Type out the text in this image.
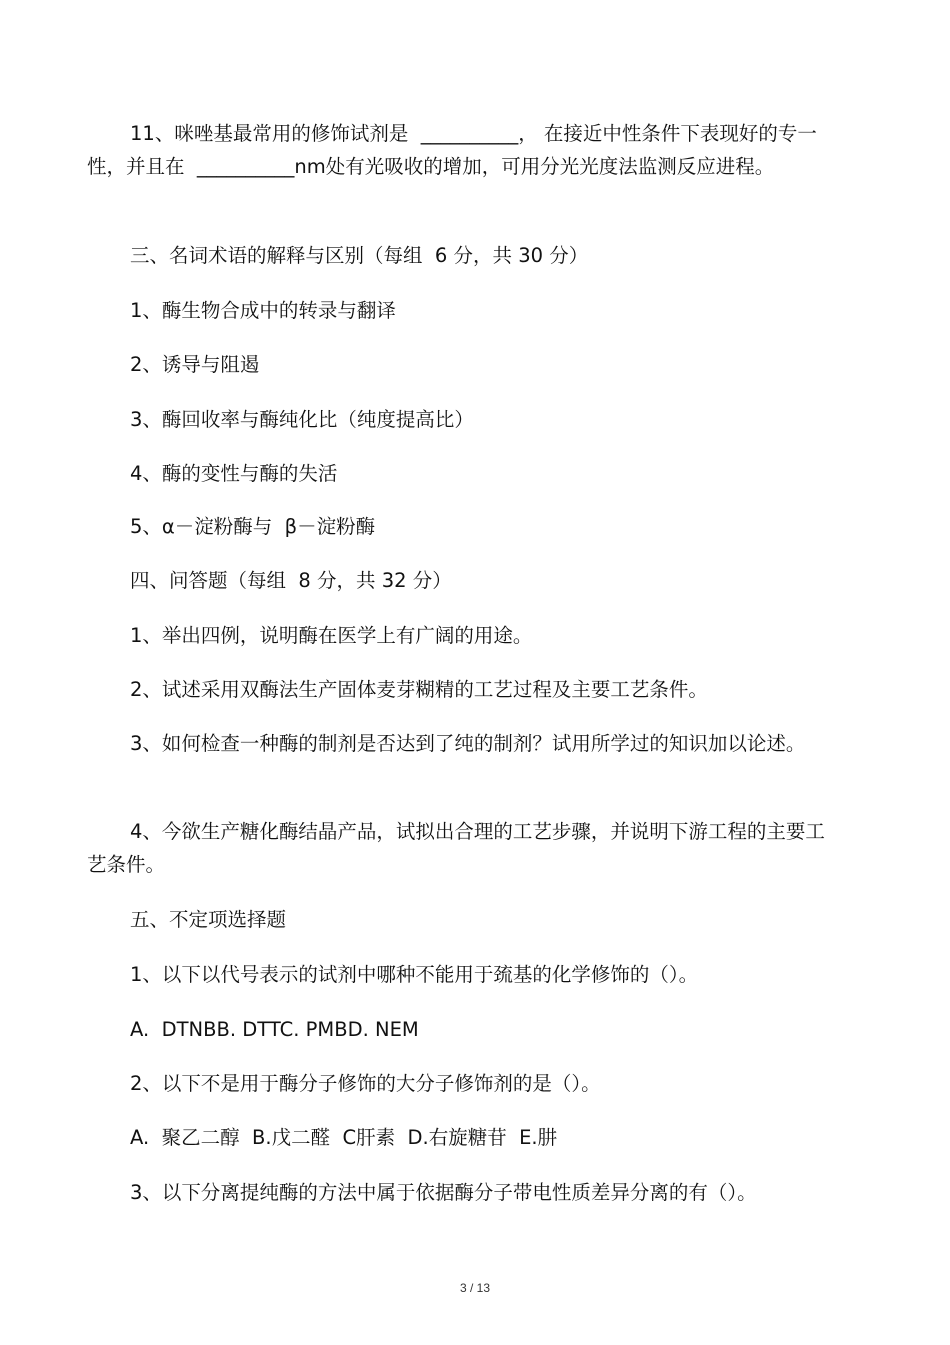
11、咪唑基最常用的修饰试剂是  __________， 在接近中性条件下表现好的专一性，并且在  __________nm处有光吸收的增加，可用分光光度法监测反应进程。

三、名词术语的解释与区别（每组  6 分，共 30 分）

1、酶生物合成中的转录与翻译

2、诱导与阻遏

3、酶回收率与酶纯化比（纯度提高比）

4、酶的变性与酶的失活

5、α－淀粉酶与  β－淀粉酶

四、问答题（每组  8 分，共 32 分）

1、举出四例，说明酶在医学上有广阔的用途。

2、试述采用双酶法生产固体麦芽糊精的工艺过程及主要工艺条件。

3、如何检查一种酶的制剂是否达到了纯的制剂？试用所学过的知识加以论述。

4、今欲生产糖化酶结晶产品，试拟出合理的工艺步骤，并说明下游工程的主要工艺条件。

五、不定项选择题

1、以下以代号表示的试剂中哪种不能用于巯基的化学修饰的（）。

A.  DTNBB. DTTC. PMBD. NEM

2、以下不是用于酶分子修饰的大分子修饰剂的是（）。

A.  聚乙二醇  B.戊二醛  C肝素  D.右旋糖苷  E.肼

3、以下分离提纯酶的方法中属于依据酶分子带电性质差异分离的有（）。

3 / 13
